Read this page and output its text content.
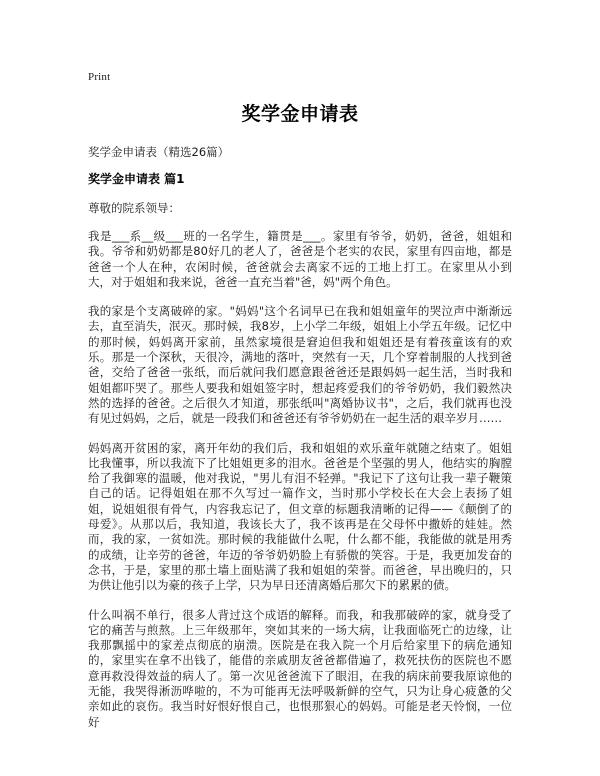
Print
奖学金申请表

奖学金申请表（精选26篇）

奖学金申请表 篇1

尊敬的院系领导：

我是___系__级___班的一名学生，籍贯是___。家里有爷爷，奶奶，爸爸，姐姐和我。爷爷和奶奶都是80好几的老人了，爸爸是个老实的农民，家里有四亩地，都是爸爸一个人在种，农闲时候，爸爸就会去离家不远的工地上打工。在家里从小到大，对于姐姐和我来说，爸爸一直充当着"爸，妈"两个角色。

我的家是个支离破碎的家。"妈妈"这个名词早已在我和姐姐童年的哭泣声中渐渐远去，直至消失，泯灭。那时候，我8岁，上小学二年级，姐姐上小学五年级。记忆中的那时候，妈妈离开家前，虽然家境很是窘迫但我和姐姐还是有着孩童该有的欢乐。那是一个深秋，天很冷，满地的落叶，突然有一天，几个穿着制服的人找到爸爸，交给了爸爸一张纸，而后就问我们愿意跟爸爸还是跟妈妈一起生活，当时我和姐姐都吓哭了。那些人要我和姐姐签字时，想起疼爱我们的爷爷奶奶，我们毅然决然的选择的爸爸。之后很久才知道，那张纸叫"离婚协议书"，之后，我们就再也没有见过妈妈，之后，就是一段我们和爸爸还有爷爷奶奶在一起生活的艰辛岁月……

妈妈离开贫困的家，离开年幼的我们后，我和姐姐的欢乐童年就随之结束了。姐姐比我懂事，所以我流下了比姐姐更多的泪水。爸爸是个坚强的男人，他结实的胸膛给了我御寒的温暖，他对我说，"男儿有泪不轻弹。"我记下了这句让我一辈子鞭策自己的话。记得姐姐在那不久写过一篇作文，当时那小学校长在大会上表扬了姐姐，说姐姐很有骨气，内容我忘记了，但文章的标题我清晰的记得——《颠倒了的母爱》。从那以后，我知道，我该长大了，我不该再是在父母怀中撒娇的娃娃。然而，我的家，一贫如洗。那时候的我能做什么呢，什么都不能，我能做的就是用秀的成绩，让辛劳的爸爸，年迈的爷爷奶奶脸上有骄傲的笑容。于是，我更加发奋的念书，于是，家里的那土墙上面贴满了我和姐姐的荣誉。而爸爸，早出晚归的，只为供让他引以为豪的孩子上学，只为早日还清离婚后那欠下的累累的债。

什么叫祸不单行，很多人背过这个成语的解释。而我，和我那破碎的家，就身受了它的痛苦与煎熬。上三年级那年，突如其来的一场大病，让我面临死亡的边缘，让我那飘摇中的家差点彻底的崩溃。医院是在我入院一个月后给家里下的病危通知的，家里实在拿不出钱了，能借的亲戚朋友爸爸都借遍了，救死扶伤的医院也不愿意再救没得效益的病人了。第一次见爸爸流下了眼泪，在我的病床前要我原谅他的无能，我哭得淅沥哗啦的，不为可能再无法呼吸新鲜的空气，只为让身心疲惫的父亲如此的哀伤。我当时好恨好恨自己，也恨那狠心的妈妈。可能是老天怜悯，一位好
